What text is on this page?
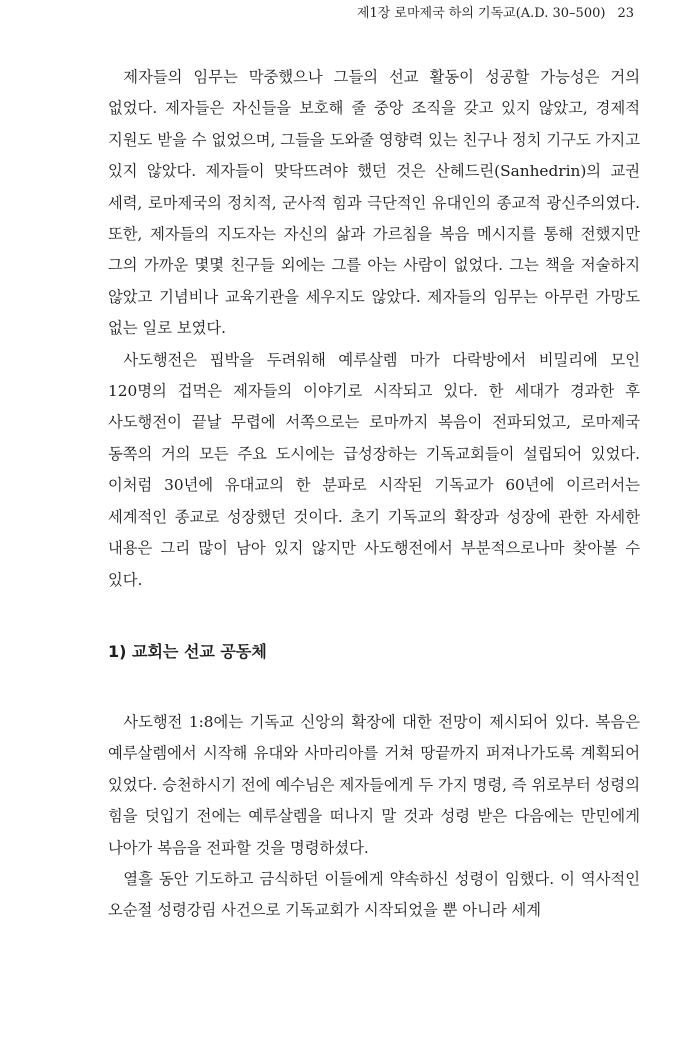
제1장 로마제국 하의 기독교(A.D. 30–500) 23

제자들의 임무는 막중했으나 그들의 선교 활동이 성공할 가능성은 거의 없었다. 제자들은 자신들을 보호해 줄 중앙 조직을 갖고 있지 않았고, 경제적 지원도 받을 수 없었으며, 그들을 도와줄 영향력 있는 친구나 정치 기구도 가지고 있지 않았다. 제자들이 맞닥뜨려야 했던 것은 산헤드린(Sanhedrin)의 교권 세력, 로마제국의 정치적, 군사적 힘과 극단적인 유대인의 종교적 광신주의였다. 또한, 제자들의 지도자는 자신의 삶과 가르침을 복음 메시지를 통해 전했지만 그의 가까운 몇몇 친구들 외에는 그를 아는 사람이 없었다. 그는 책을 저술하지 않았고 기념비나 교육기관을 세우지도 않았다. 제자들의 임무는 아무런 가망도 없는 일로 보였다.

사도행전은 핍박을 두려워해 예루살렘 마가 다락방에서 비밀리에 모인 120명의 겁먹은 제자들의 이야기로 시작되고 있다. 한 세대가 경과한 후 사도행전이 끝날 무렵에 서쪽으로는 로마까지 복음이 전파되었고, 로마제국 동쪽의 거의 모든 주요 도시에는 급성장하는 기독교회들이 설립되어 있었다. 이처럼 30년에 유대교의 한 분파로 시작된 기독교가 60년에 이르러서는 세계적인 종교로 성장했던 것이다. 초기 기독교의 확장과 성장에 관한 자세한 내용은 그리 많이 남아 있지 않지만 사도행전에서 부분적으로나마 찾아볼 수 있다.

1) 교회는 선교 공동체

사도행전 1:8에는 기독교 신앙의 확장에 대한 전망이 제시되어 있다. 복음은 예루살렘에서 시작해 유대와 사마리아를 거쳐 땅끝까지 퍼져나가도록 계획되어 있었다. 승천하시기 전에 예수님은 제자들에게 두 가지 명령, 즉 위로부터 성령의 힘을 덧입기 전에는 예루살렘을 떠나지 말 것과 성령 받은 다음에는 만민에게 나아가 복음을 전파할 것을 명령하셨다.

열흘 동안 기도하고 금식하던 이들에게 약속하신 성령이 임했다. 이 역사적인 오순절 성령강림 사건으로 기독교회가 시작되었을 뿐 아니라 세계
